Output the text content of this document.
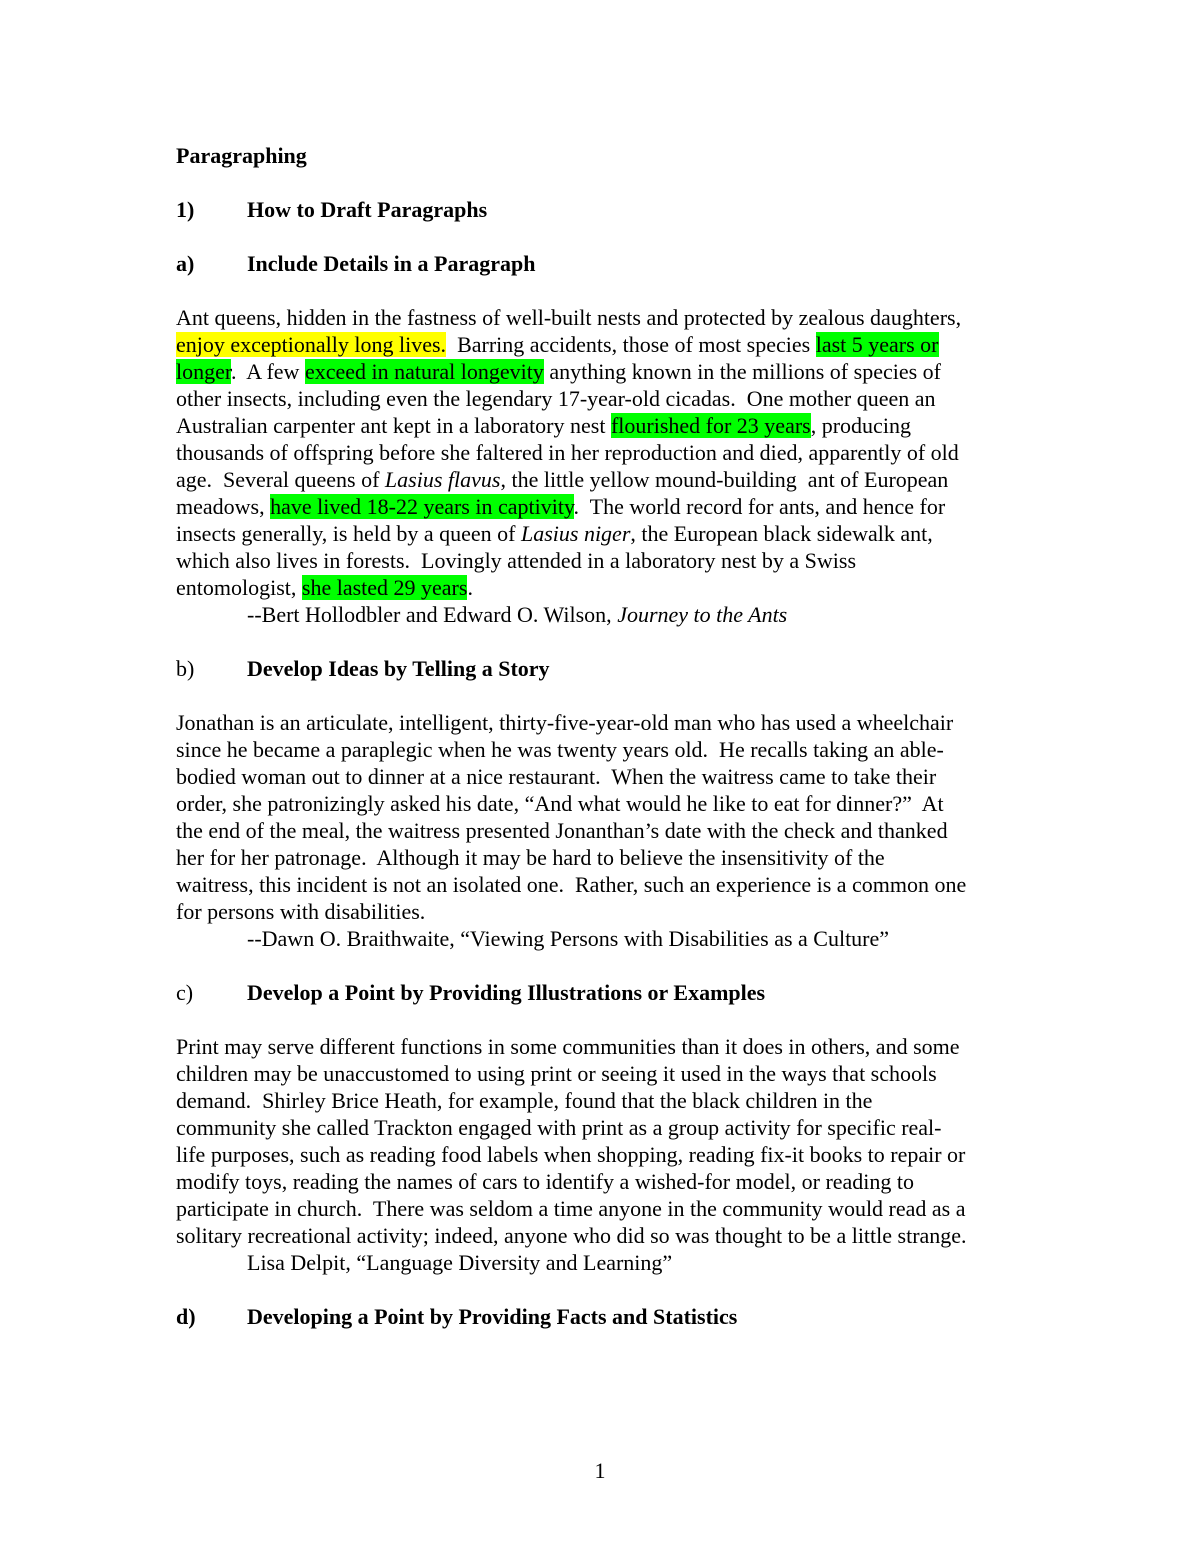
Paragraphing
1) How to Draft Paragraphs
a) Include Details in a Paragraph
Ant queens, hidden in the fastness of well-built nests and protected by zealous daughters,
enjoy exceptionally long lives.  Barring accidents, those of most species last 5 years or
longer.  A few exceed in natural longevity anything known in the millions of species of
other insects, including even the legendary 17-year-old cicadas.  One mother queen an
Australian carpenter ant kept in a laboratory nest flourished for 23 years, producing
thousands of offspring before she faltered in her reproduction and died, apparently of old
age.  Several queens of Lasius flavus, the little yellow mound-building  ant of European
meadows, have lived 18-22 years in captivity.  The world record for ants, and hence for
insects generally, is held by a queen of Lasius niger, the European black sidewalk ant,
which also lives in forests.  Lovingly attended in a laboratory nest by a Swiss
entomologist, she lasted 29 years.
--Bert Hollodbler and Edward O. Wilson, Journey to the Ants
b) Develop Ideas by Telling a Story
Jonathan is an articulate, intelligent, thirty-five-year-old man who has used a wheelchair
since he became a paraplegic when he was twenty years old.  He recalls taking an able-
bodied woman out to dinner at a nice restaurant.  When the waitress came to take their
order, she patronizingly asked his date, “And what would he like to eat for dinner?”  At
the end of the meal, the waitress presented Jonanthan’s date with the check and thanked
her for her patronage.  Although it may be hard to believe the insensitivity of the
waitress, this incident is not an isolated one.  Rather, such an experience is a common one
for persons with disabilities.
--Dawn O. Braithwaite, “Viewing Persons with Disabilities as a Culture”
c) Develop a Point by Providing Illustrations or Examples
Print may serve different functions in some communities than it does in others, and some
children may be unaccustomed to using print or seeing it used in the ways that schools
demand.  Shirley Brice Heath, for example, found that the black children in the
community she called Trackton engaged with print as a group activity for specific real-
life purposes, such as reading food labels when shopping, reading fix-it books to repair or
modify toys, reading the names of cars to identify a wished-for model, or reading to
participate in church.  There was seldom a time anyone in the community would read as a
solitary recreational activity; indeed, anyone who did so was thought to be a little strange.
Lisa Delpit, “Language Diversity and Learning”
d) Developing a Point by Providing Facts and Statistics
1
